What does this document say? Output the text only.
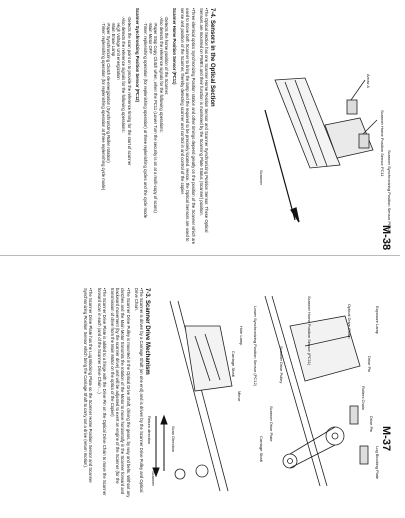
7-4. Sensors in the Optical Section

• The Optical Section has one Scanner Home Position Sensor and Scanner Synchronizing Position Sensor. These Optical Sensors are mounted on PWB's and their function is monitored by the Scanning Plate Status (Scanner) position.

• Three identical optics Synchronizing Position station and other timings depend greatly on the position of the Scanner which are used to move both Scanner to bring the lamp and the required to be precisely located. Hence, the Optical Sensors are used to sense and position of the Scanner, thereby detecting scanner and control in and control of the copier.

Scanner Home Position Sensor (PC11)
· Detects the home position of the Scanner.
· Also detects the reference signals for the following operations:
· Paper Stop Copy Clutch when, when the PC11 (Lower Turn the security is on at a multi-copy of scans)
· Main Motor OFF
· Timer: replenishing operation (for replenishing operation) at three replenishing cycles and the cycle mode
Scanner Synchronizing Position Sensor (PC12)
· Detects the scan point on to provide the reference timing for the start of scanner
· Also detects the reference signals for the following operations:
· High Voltage Unit energization
· Main Erase Lamp
· Paper Synchronizing Clutch de-energization (Synchronizing Roller rotation)
· Timer: replenishing operation (for replenishing operation at three replenishing cycle mode)	Scanner
Scanner Home Position Sensor PC11
Scanner Synchronizing Position Sensor PC12
Arrow A
M-38
7-3. Scanner Drive Mechanism

• The Scanner is driven by a Carriage Shaft (on one end) and is driven by the Scanner Drive Pulley and Optical Drive Chain.

• The Scanner Drive Pulley is mounted in the Optical Drive Shaft, driving the gears, by way and belts. Without any clutches and the Main Motor transmits the rotation of the Motor to move horizontally in the Scanner forward and backward movement (by the scanner drive) and will be adjusted to exert an engine of the Scanner (for the transmission of drive from the Main Motor on the optics of the Copier)

• The Scanner Drive Plate is added to a fringe with the Drive Pin on the Optical Drive Chain to move the Scanner forward scan in each (and of the Scanner Drive Chain ...)

• The Scanner Drive Plate has the Lug Blocking Plate so the Scanner Home Position Sensor and Scanner Synchronizing Position Sensor which bring the Carriage Shaft to carry out a drive (return motion).	Carriage Shaft
Scanner
Scan Direction
Return direction
Hole Lamp
Mirror
Carriage Shaft
Optical Drive Chain
Drive Pin
Scanner Drive Pulley
Lug Blocking Plate
Exposure Lamp
Rollers Chain
Drive Pin
Scanner Drive Plate
Lower Synchronizing Position Sensor (PC12)	Scanner Home Position Sensor (PC11)
M-37
